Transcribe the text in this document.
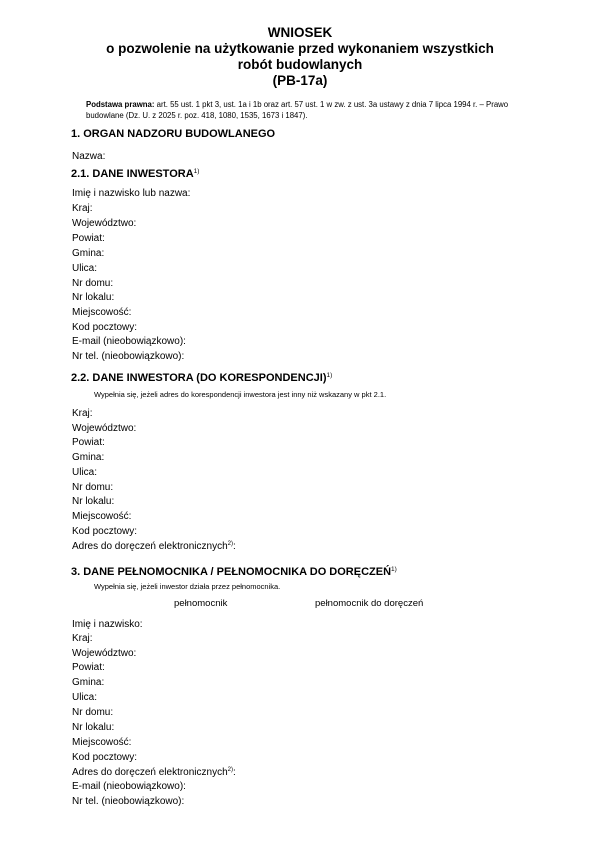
WNIOSEK
o pozwolenie na użytkowanie przed wykonaniem wszystkich
robót budowlanych
(PB-17a)
Podstawa prawna: art. 55 ust. 1 pkt 3, ust. 1a i 1b oraz art. 57 ust. 1 w zw. z ust. 3a ustawy z dnia 7 lipca 1994 r. – Prawo budowlane (Dz. U. z 2025 r. poz. 418, 1080, 1535, 1673 i 1847).
1. ORGAN NADZORU BUDOWLANEGO
Nazwa:
2.1. DANE INWESTORA$^{1)}$
Imię i nazwisko lub nazwa:
Kraj:
Województwo:
Powiat:
Gmina:
Ulica:
Nr domu:
Nr lokalu:
Miejscowość:
Kod pocztowy:
E-mail (nieobowiązkowo):
Nr tel. (nieobowiązkowo):
2.2. DANE INWESTORA (DO KORESPONDENCJI)$^{1)}$
Wypełnia się, jeżeli adres do korespondencji inwestora jest inny niż wskazany w pkt 2.1.
Kraj:
Województwo:
Powiat:
Gmina:
Ulica:
Nr domu:
Nr lokalu:
Miejscowość:
Kod pocztowy:
Adres do doręczeń elektronicznych$^{2)}$:
3. DANE PEŁNOMOCNIKA / PEŁNOMOCNIKA DO DORĘCZEŃ$^{1)}$
Wypełnia się, jeżeli inwestor działa przez pełnomocnika.
pełnomocnik	pełnomocnik do doręczeń
Imię i nazwisko:
Kraj:
Województwo:
Powiat:
Gmina:
Ulica:
Nr domu:
Nr lokalu:
Miejscowość:
Kod pocztowy:
Adres do doręczeń elektronicznych$^{2)}$:
E-mail (nieobowiązkowo):
Nr tel. (nieobowiązkowo):
